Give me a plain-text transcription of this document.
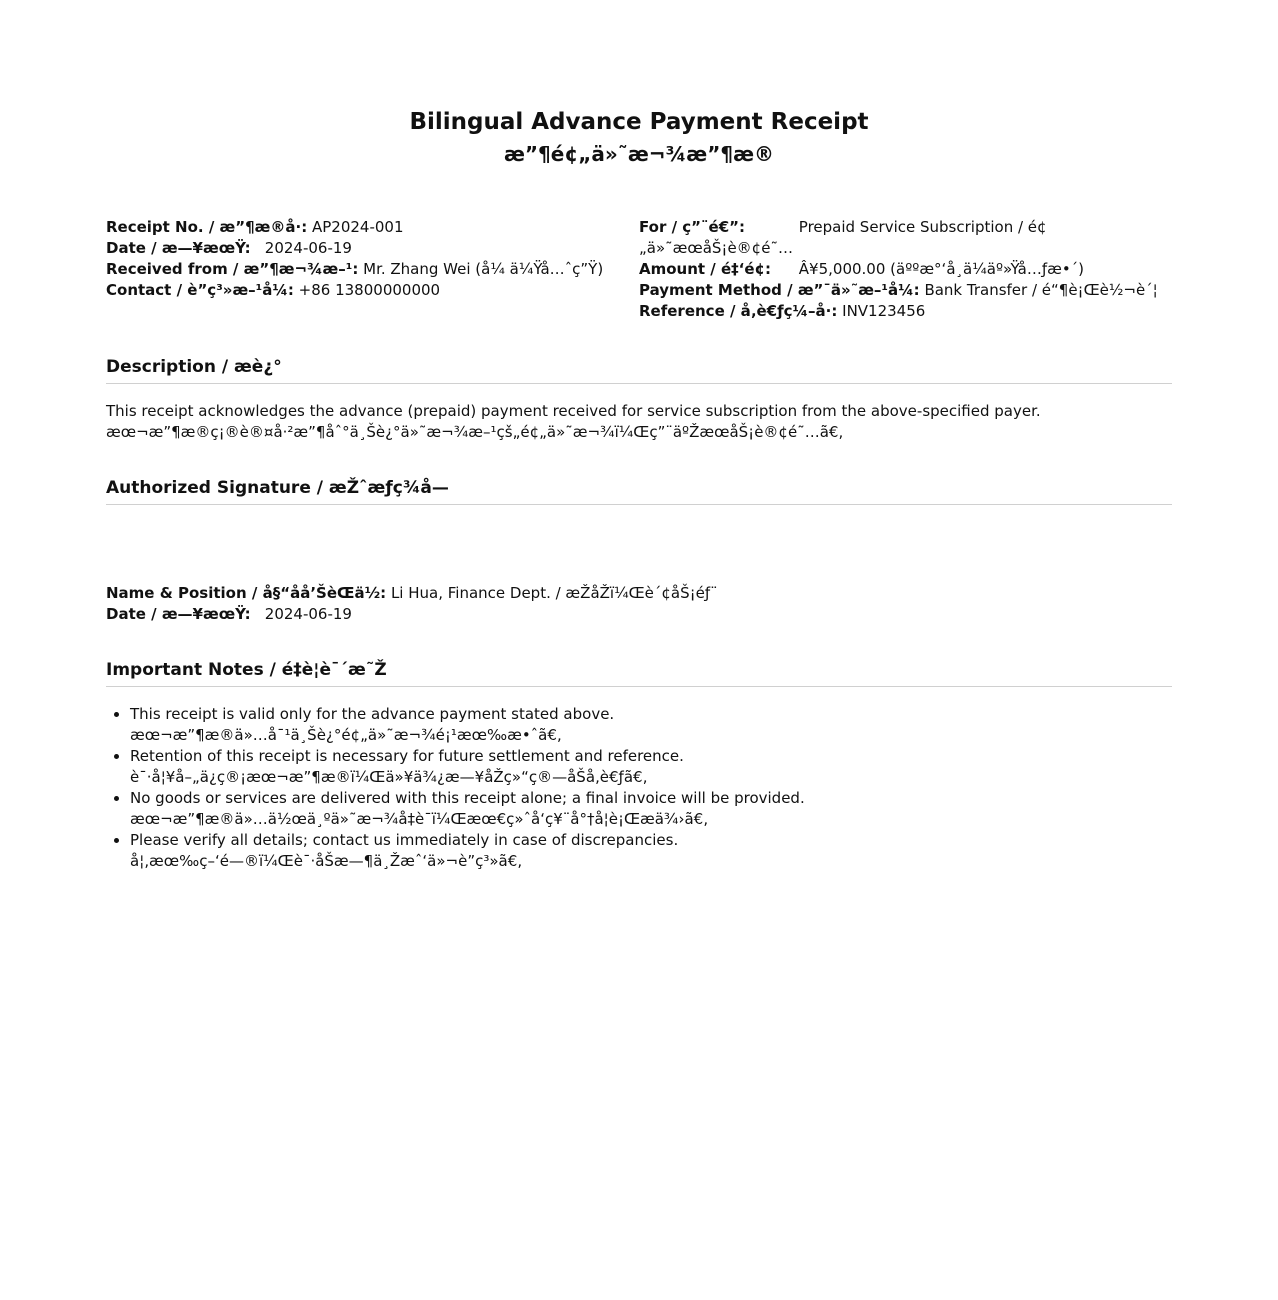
Bilingual Advance Payment Receipt
æ”¶é¢„ä»˜æ¬¾æ”¶æ®
Receipt No. / æ”¶æ®å·: AP2024-001
Date / æ—¥æœŸ: 2024-06-19
Received from / æ”¶æ¬¾æ–¹: Mr. Zhang Wei (å¼ ä¼Ÿå…ˆç”Ÿ)
Contact / è”ç³»æ–¹å¼: +86 13800000000
For / ç”¨é€”:	Prepaid Service Subscription / é¢
„ä»˜æœåŠ¡è®¢é˜…
Amount / é‡‘é¢: Â¥5,000.00 (äººæ°‘å¸ä¼äº»Ÿå…ƒæ•´)
Payment Method / æ”¯ä»˜æ–¹å¼: Bank Transfer / é“¶è¡Œè½¬è´¦
Reference / å‚è€ƒç¼–å·: INV123456
Description / æè¿°
This receipt acknowledges the advance (prepaid) payment received for service subscription from the above-specified payer.
æœ¬æ”¶æ®ç¡®è®¤å·²æ”¶åˆ°ä¸Šè¿°ä»˜æ¬¾æ–¹çš„é¢„ä»˜æ¬¾ï¼Œç”¨äºŽæœåŠ¡è®¢é˜…ã€‚
Authorized Signature / æŽˆæƒç¾å—
Name & Position / å§“åå’ŠèŒä½: Li Hua, Finance Dept. / æŽåŽï¼Œè´¢åŠ¡éƒ¨
Date / æ—¥æœŸ: 2024-06-19
Important Notes / é‡è¦è¯´æ˜Ž
• This receipt is valid only for the advance payment stated above.
æœ¬æ”¶æ®ä»…å¯¹ä¸Šè¿°é¢„ä»˜æ¬¾é¡¹æœ‰æ•ˆã€‚
• Retention of this receipt is necessary for future settlement and reference.
è¯·å¦¥å–„ä¿ç®¡æœ¬æ”¶æ®ï¼Œä»¥ä¾¿æ—¥åŽç»“ç®—åŠå‚è€ƒã€‚
• No goods or services are delivered with this receipt alone; a final invoice will be provided.
æœ¬æ”¶æ®ä»…ä½œä¸ºä»˜æ¬¾å‡è¯ï¼Œæœ€ç»ˆå‘ç¥¨å°†å¦è¡Œæä¾›ã€‚
• Please verify all details; contact us immediately in case of discrepancies.
å¦‚æœ‰ç–‘é—®ï¼Œè¯·åŠæ—¶ä¸Žæˆ‘ä»¬è”ç³»ã€‚
